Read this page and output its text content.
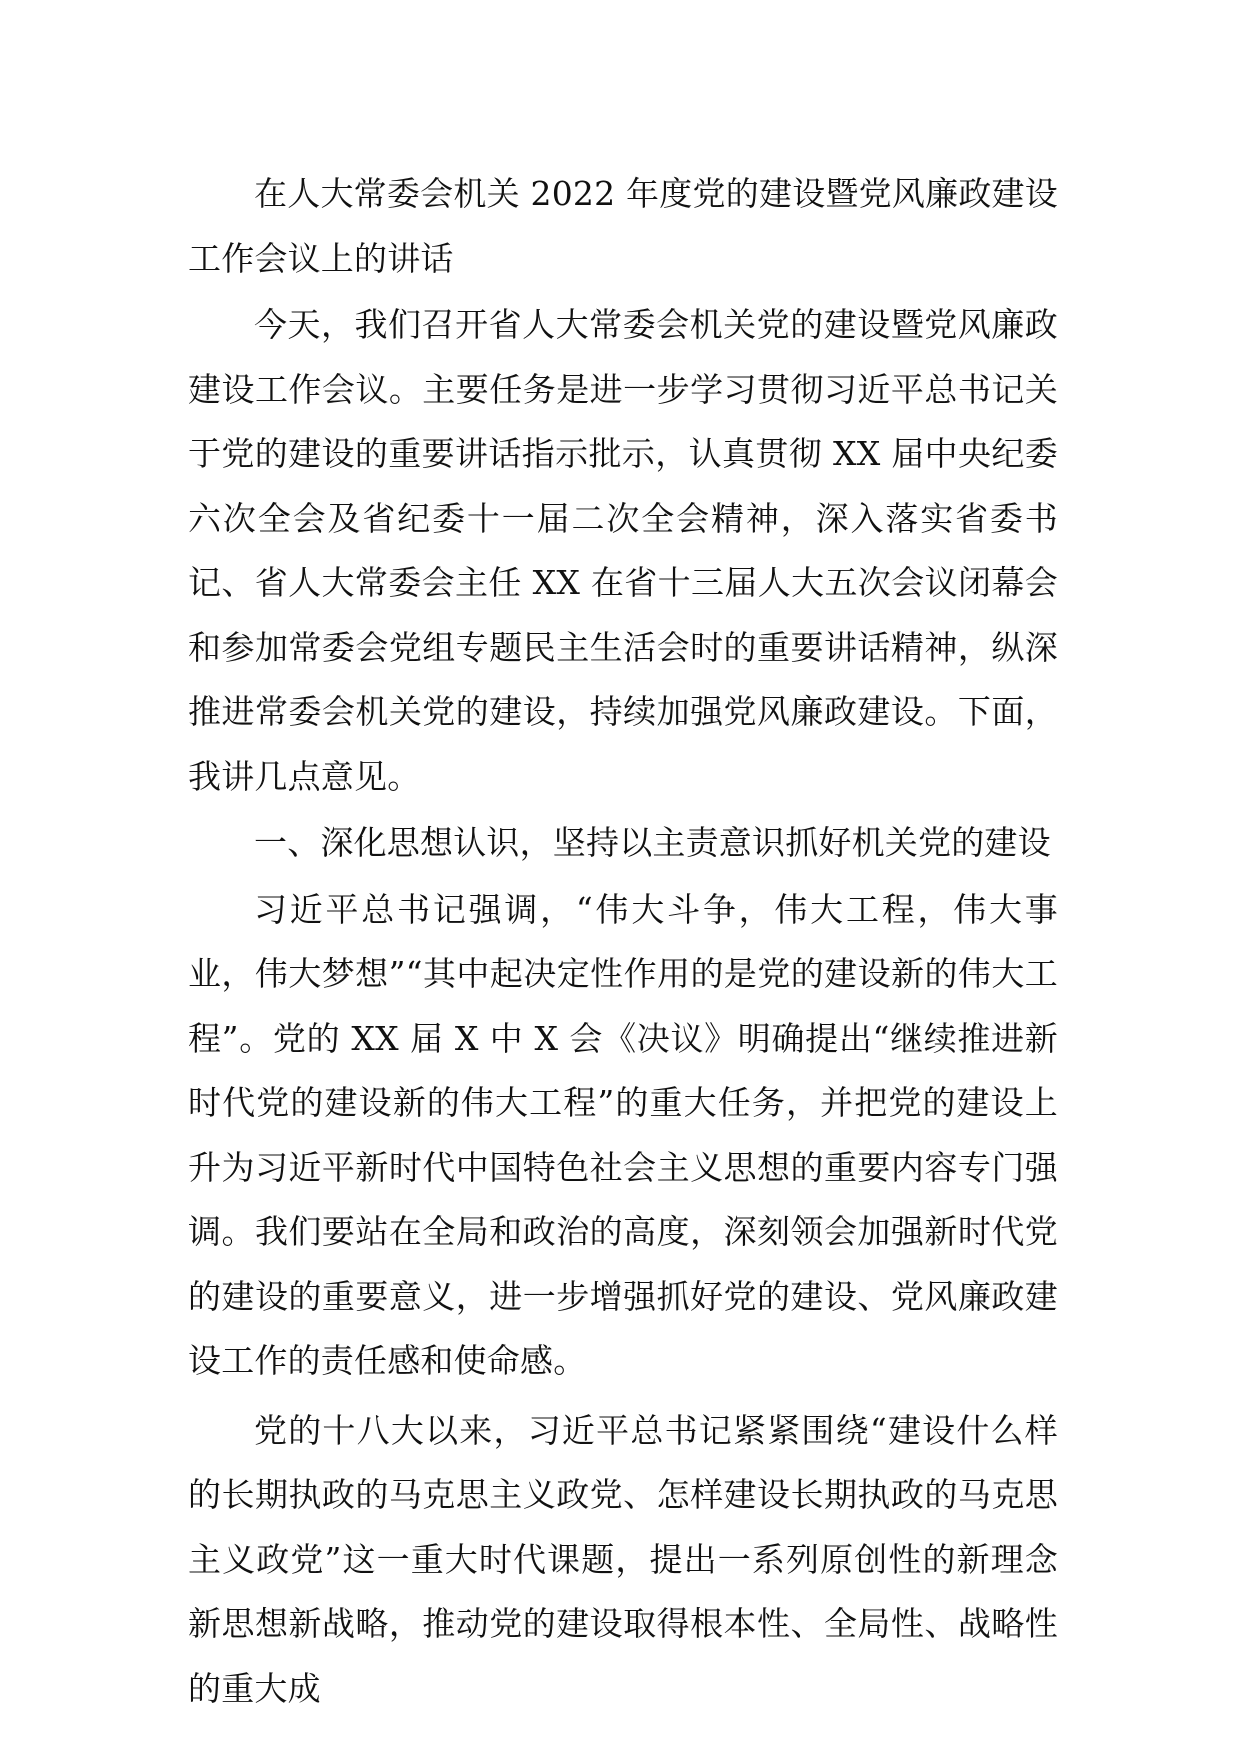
在人大常委会机关 2022 年度党的建设暨党风廉政建设工作会议上的讲话

今天，我们召开省人大常委会机关党的建设暨党风廉政建设工作会议。主要任务是进一步学习贯彻习近平总书记关于党的建设的重要讲话指示批示，认真贯彻 XX 届中央纪委六次全会及省纪委十一届二次全会精神，深入落实省委书记、省人大常委会主任 XX 在省十三届人大五次会议闭幕会和参加常委会党组专题民主生活会时的重要讲话精神，纵深推进常委会机关党的建设，持续加强党风廉政建设。下面，我讲几点意见。

一、深化思想认识，坚持以主责意识抓好机关党的建设

习近平总书记强调，“伟大斗争，伟大工程，伟大事业，伟大梦想”“其中起决定性作用的是党的建设新的伟大工程”。党的 XX 届 X 中 X 会《决议》明确提出“继续推进新时代党的建设新的伟大工程”的重大任务，并把党的建设上升为习近平新时代中国特色社会主义思想的重要内容专门强调。我们要站在全局和政治的高度，深刻领会加强新时代党的建设的重要意义，进一步增强抓好党的建设、党风廉政建设工作的责任感和使命感。

党的十八大以来，习近平总书记紧紧围绕“建设什么样的长期执政的马克思主义政党、怎样建设长期执政的马克思主义政党”这一重大时代课题，提出一系列原创性的新理念新思想新战略，推动党的建设取得根本性、全局性、战略性的重大成
